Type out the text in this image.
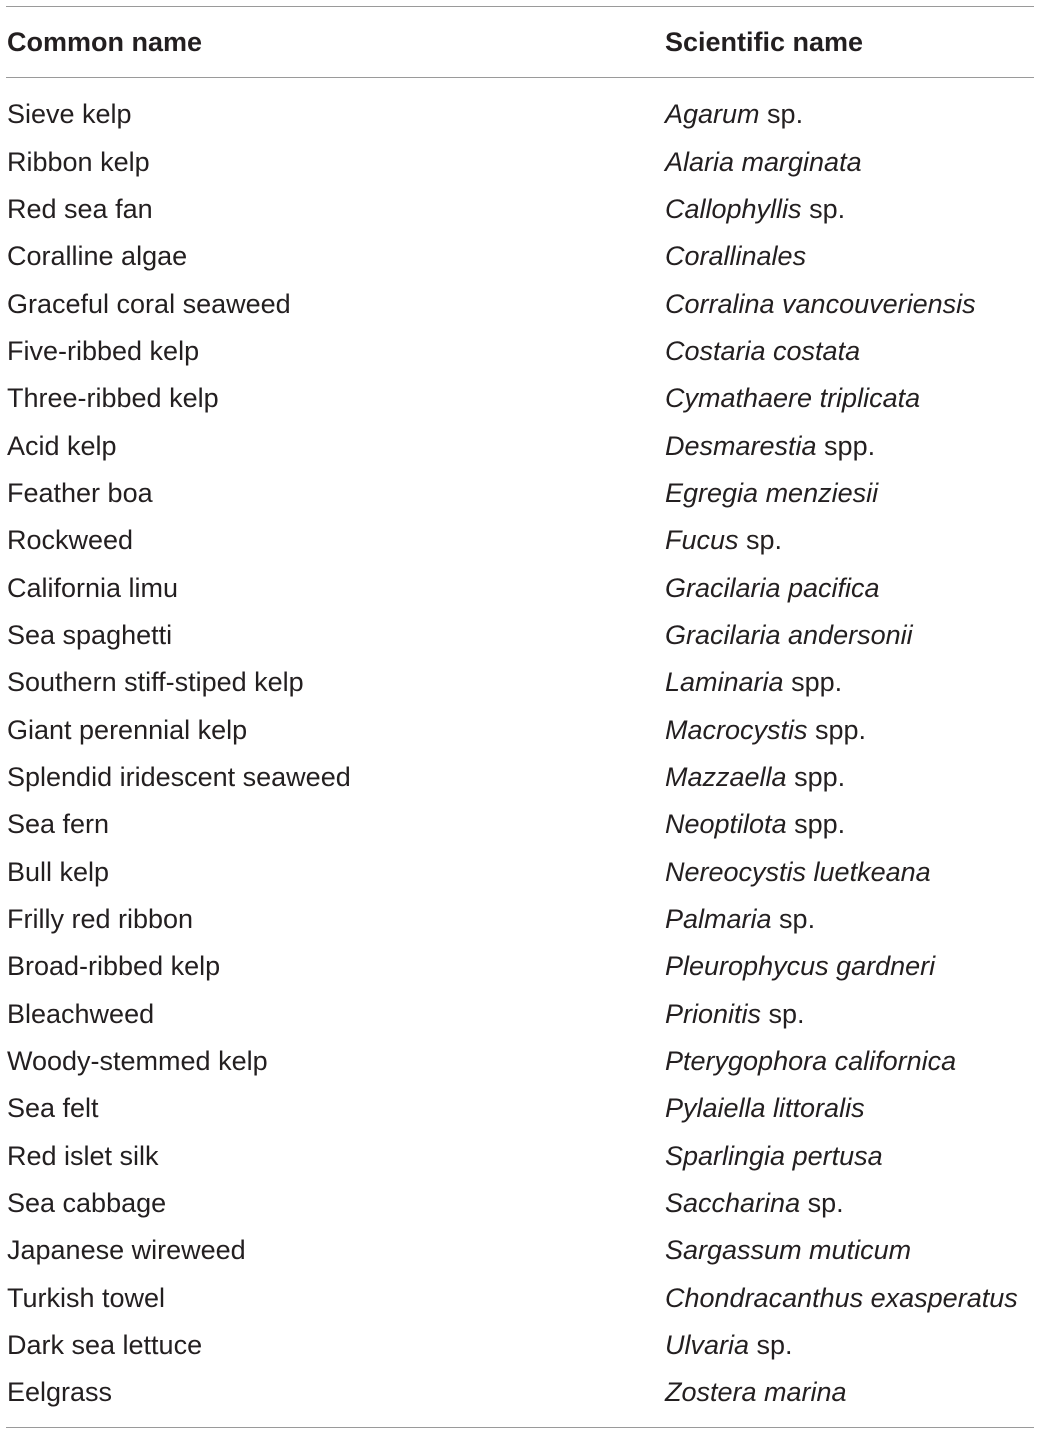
Common name	Scientific name
Sieve kelp	Agarum sp.
Ribbon kelp	Alaria marginata
Red sea fan	Callophyllis sp.
Coralline algae	Corallinales
Graceful coral seaweed	Corralina vancouveriensis
Five-ribbed kelp	Costaria costata
Three-ribbed kelp	Cymathaere triplicata
Acid kelp	Desmarestia spp.
Feather boa	Egregia menziesii
Rockweed	Fucus sp.
California limu	Gracilaria pacifica
Sea spaghetti	Gracilaria andersonii
Southern stiff-stiped kelp	Laminaria spp.
Giant perennial kelp	Macrocystis spp.
Splendid iridescent seaweed	Mazzaella spp.
Sea fern	Neoptilota spp.
Bull kelp	Nereocystis luetkeana
Frilly red ribbon	Palmaria sp.
Broad-ribbed kelp	Pleurophycus gardneri
Bleachweed	Prionitis sp.
Woody-stemmed kelp	Pterygophora californica
Sea felt	Pylaiella littoralis
Red islet silk	Sparlingia pertusa
Sea cabbage	Saccharina sp.
Japanese wireweed	Sargassum muticum
Turkish towel	Chondracanthus exasperatus
Dark sea lettuce	Ulvaria sp.
Eelgrass	Zostera marina
